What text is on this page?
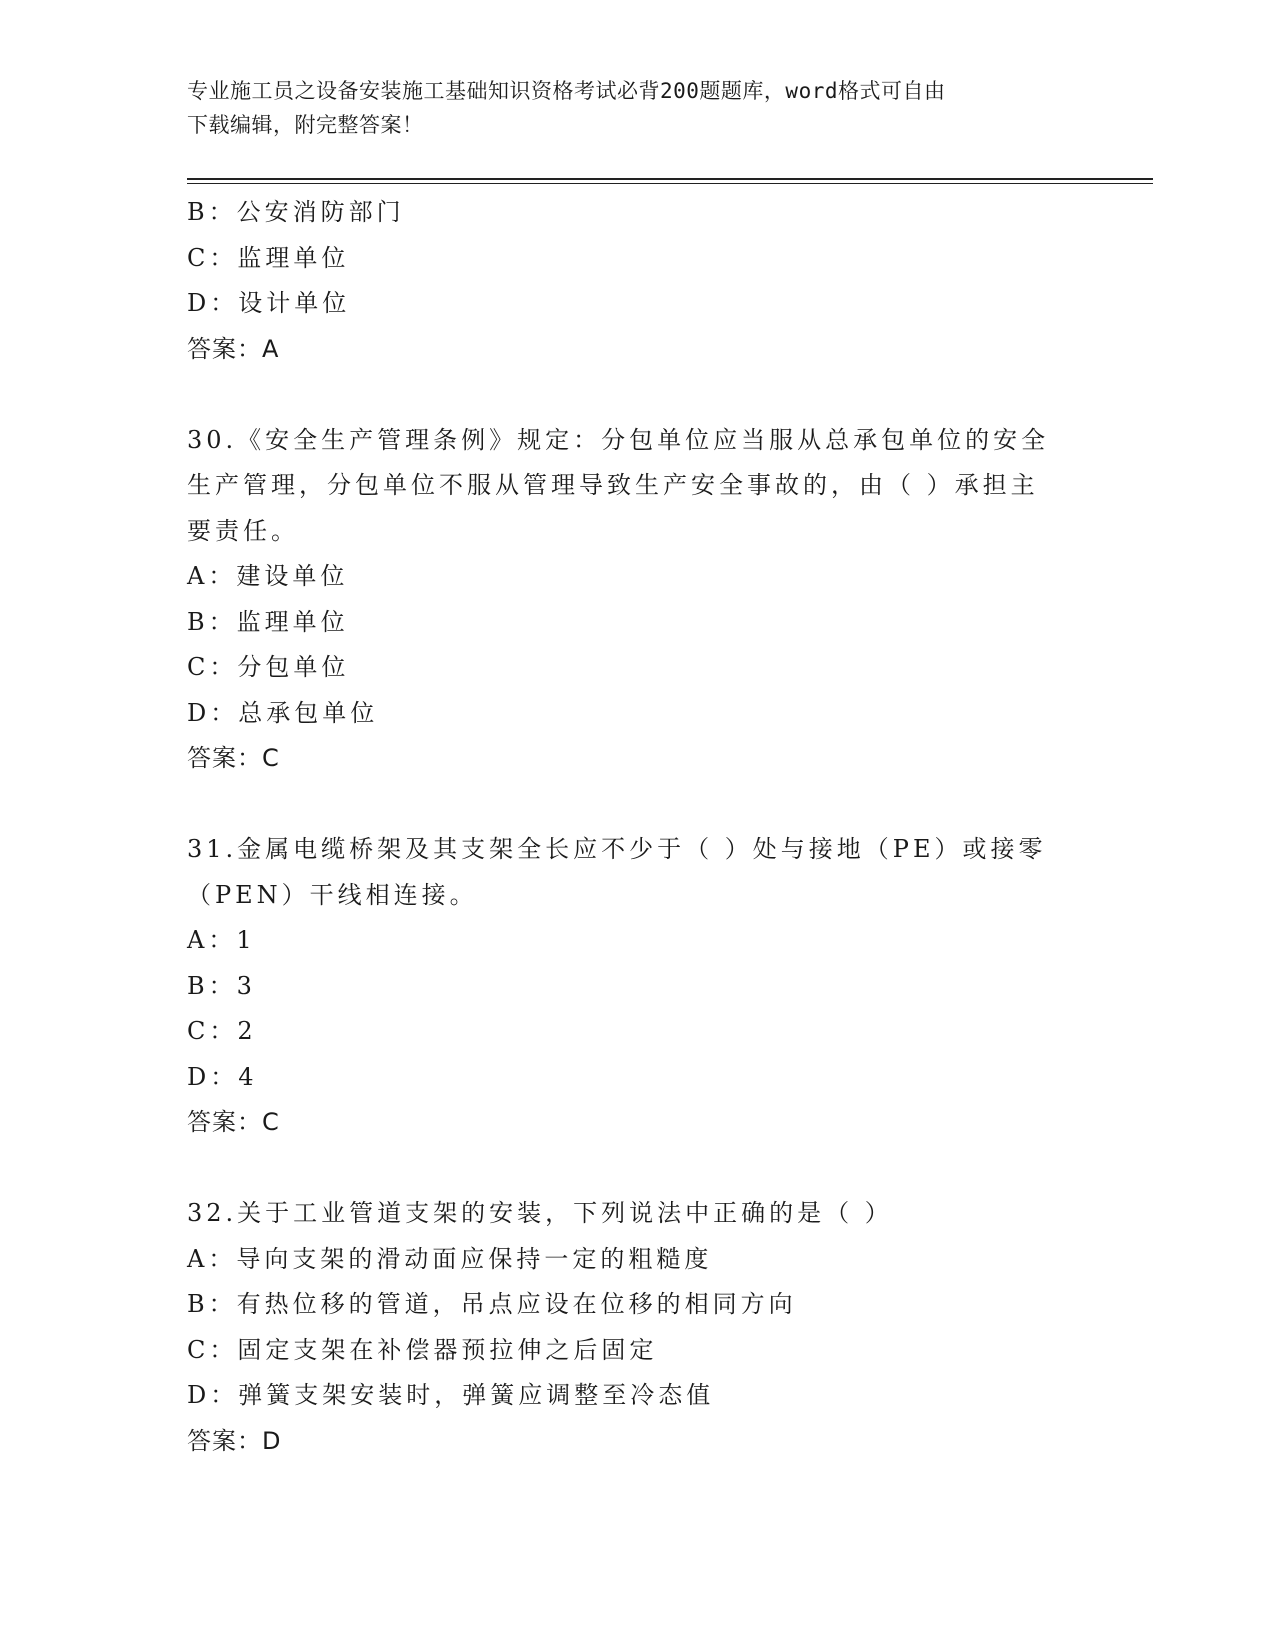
专业施工员之设备安装施工基础知识资格考试必背200题题库，word格式可自由
下载编辑，附完整答案！
B：公安消防部门
C：监理单位
D：设计单位
答案：A
30.《安全生产管理条例》规定：分包单位应当服从总承包单位的安全
生产管理，分包单位不服从管理导致生产安全事故的，由（ ）承担主
要责任。
A：建设单位
B：监理单位
C：分包单位
D：总承包单位
答案：C
31.金属电缆桥架及其支架全长应不少于（ ）处与接地（PE）或接零
（PEN）干线相连接。
A：1
B：3
C：2
D：4
答案：C
32.关于工业管道支架的安装，下列说法中正确的是（ ）
A：导向支架的滑动面应保持一定的粗糙度
B：有热位移的管道，吊点应设在位移的相同方向
C：固定支架在补偿器预拉伸之后固定
D：弹簧支架安装时，弹簧应调整至冷态值
答案：D
